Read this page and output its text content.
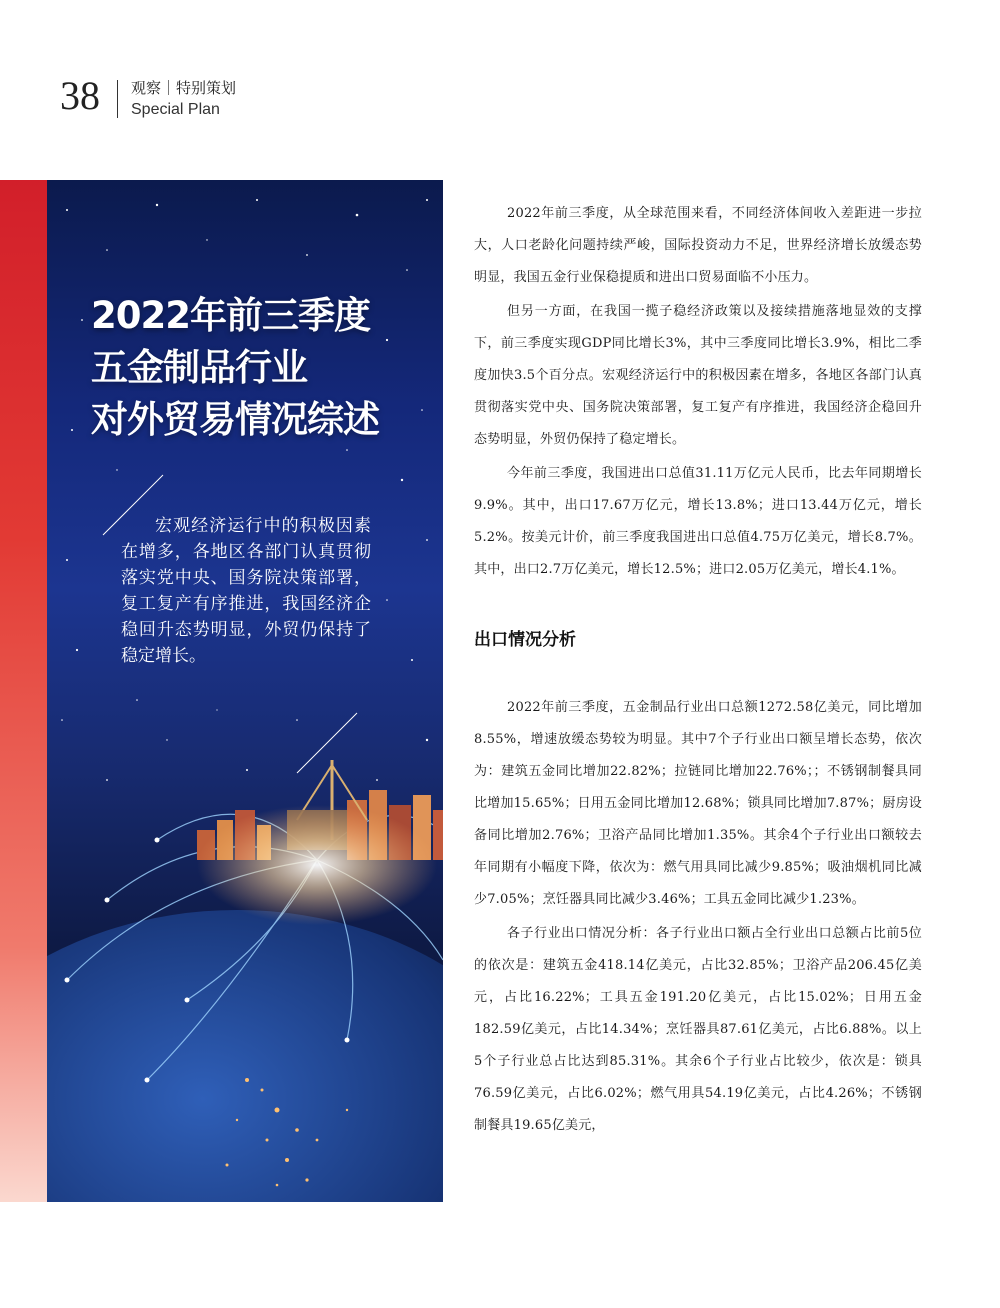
38 观察｜特别策划
Special Plan
2022年前三季度
五金制品行业
对外贸易情况综述

宏观经济运行中的积极因素在增多，各地区各部门认真贯彻落实党中央、国务院决策部署，复工复产有序推进，我国经济企稳回升态势明显，外贸仍保持了稳定增长。

2022年前三季度，从全球范围来看，不同经济体间收入差距进一步拉大，人口老龄化问题持续严峻，国际投资动力不足，世界经济增长放缓态势明显，我国五金行业保稳提质和进出口贸易面临不小压力。

但另一方面，在我国一揽子稳经济政策以及接续措施落地显效的支撑下，前三季度实现GDP同比增长3%，其中三季度同比增长3.9%，相比二季度加快3.5个百分点。宏观经济运行中的积极因素在增多，各地区各部门认真贯彻落实党中央、国务院决策部署，复工复产有序推进，我国经济企稳回升态势明显，外贸仍保持了稳定增长。

今年前三季度，我国进出口总值31.11万亿元人民币，比去年同期增长9.9%。其中，出口17.67万亿元，增长13.8%；进口13.44万亿元，增长5.2%。按美元计价，前三季度我国进出口总值4.75万亿美元，增长8.7%。其中，出口2.7万亿美元，增长12.5%；进口2.05万亿美元，增长4.1%。

出口情况分析

2022年前三季度，五金制品行业出口总额1272.58亿美元，同比增加8.55%，增速放缓态势较为明显。其中7个子行业出口额呈增长态势，依次为：建筑五金同比增加22.82%；拉链同比增加22.76%；；不锈钢制餐具同比增加15.65%；日用五金同比增加12.68%；锁具同比增加7.87%；厨房设备同比增加2.76%；卫浴产品同比增加1.35%。其余4个子行业出口额较去年同期有小幅度下降，依次为：燃气用具同比减少9.85%；吸油烟机同比减少7.05%；烹饪器具同比减少3.46%；工具五金同比减少1.23%。

各子行业出口情况分析：各子行业出口额占全行业出口总额占比前5位的依次是：建筑五金418.14亿美元，占比32.85%；卫浴产品206.45亿美元，占比16.22%；工具五金191.20亿美元，占比15.02%；日用五金182.59亿美元，占比14.34%；烹饪器具87.61亿美元，占比6.88%。以上5个子行业总占比达到85.31%。其余6个子行业占比较少，依次是：锁具76.59亿美元，占比6.02%；燃气用具54.19亿美元，占比4.26%；不锈钢制餐具19.65亿美元，
